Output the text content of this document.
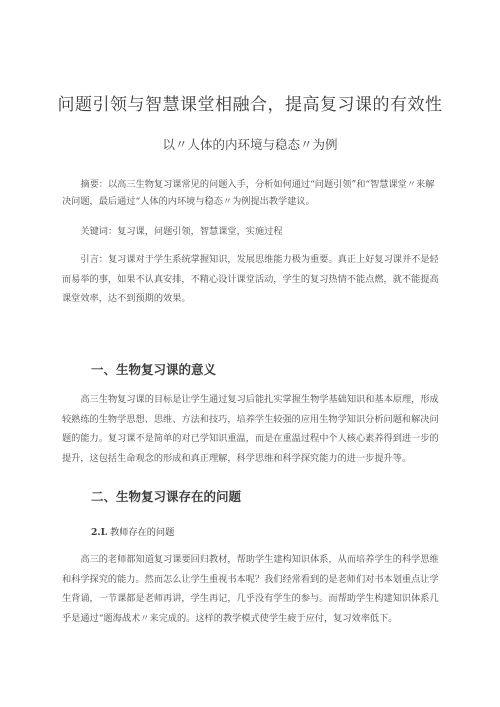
问题引领与智慧课堂相融合，提高复习课的有效性
以〃人体的内环境与稳态〃为例

摘要：以高三生物复习课常见的问题入手，分析如何通过“问题引领”和“智慧课堂〃来解决问题，最后通过“人体的内环境与稳态〃为例提出教学建议。

关键词：复习课，问题引领，智慧课堂，实施过程

引言：复习课对于学生系统掌握知识，发展思维能力极为重要。真正上好复习课并不是轻而易举的事，如果不认真安排，不精心设计课堂活动，学生的复习热情不能点燃，就不能提高课堂效率，达不到预期的效果。

一、生物复习课的意义

高三生物复习课的目标是让学生通过复习后能扎实掌握生物学基础知识和基本原理，形成较熟练的生物学思想、思维、方法和技巧，培养学生较强的应用生物学知识分析问题和解决问题的能力。复习课不是简单的对已学知识重温，而是在重温过程中个人核心素养得到进一步的提升，这包括生命观念的形成和真正理解，科学思维和科学探究能力的进一步提升等。

二、生物复习课存在的问题
2.L 教师存在的问题

高三的老师都知道复习课要回归教材，帮助学生建构知识体系，从而培养学生的科学思维和科学探究的能力。然而怎么让学生重视书本呢？我们经常看到的是老师们对书本划重点让学生背诵，一节课都是老师再讲，学生再记，几乎没有学生的参与。而帮助学生构建知识体系几乎是通过“题海战术〃来完成的。这样的教学模式使学生疲于应付，复习效率低下。
